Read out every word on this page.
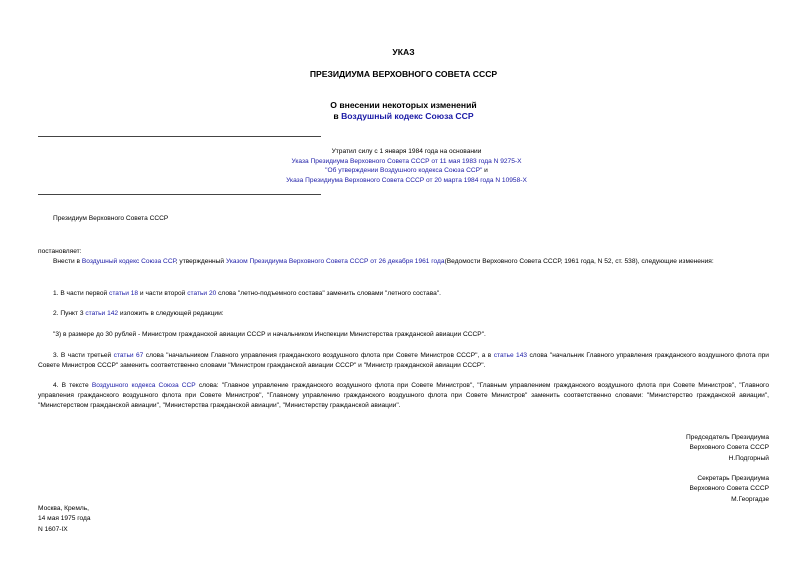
УКАЗ
ПРЕЗИДИУМА ВЕРХОВНОГО СОВЕТА СССР
О внесении некоторых изменений
в Воздушный кодекс Союза ССР
Утратил силу с 1 января 1984 года на основании
Указа Президиума Верховного Совета СССР от 11 мая 1983 года N 9275-X
"Об утверждении Воздушного кодекса Союза ССР" и
Указа Президиума Верховного Совета СССР от 20 марта 1984 года N 10958-X
Президиум Верховного Совета СССР
постановляет:
Внести в Воздушный кодекс Союза ССР, утвержденный Указом Президиума Верховного Совета СССР от 26 декабря 1961 года(Ведомости Верховного Совета СССР, 1961 года, N 52, ст. 538), следующие изменения:
1. В части первой статьи 18 и части второй статьи 20 слова "летно-подъемного состава" заменить словами "летного состава".
2. Пункт 3 статьи 142 изложить в следующей редакции:
"3) в размере до 30 рублей - Министром гражданской авиации СССР и начальником Инспекции Министерства гражданской авиации СССР".
3. В части третьей статьи 67 слова "начальником Главного управления гражданского воздушного флота при Совете Министров СССР", а в статье 143 слова "начальник Главного управления гражданского воздушного флота при Совете Министров СССР" заменить соответственно словами "Министром гражданской авиации СССР" и "Министр гражданской авиации СССР".
4. В тексте Воздушного кодекса Союза ССР слова: "Главное управление гражданского воздушного флота при Совете Министров", "Главным управлением гражданского воздушного флота при Совете Министров", "Главного управления гражданского воздушного флота при Совете Министров", "Главному управлению гражданского воздушного флота при Совете Министров" заменить соответственно словами: "Министерство гражданской авиации", "Министерством гражданской авиации", "Министерства гражданской авиации", "Министерству гражданской авиации".
Председатель Президиума
Верховного Совета СССР
Н.Подгорный
Секретарь Президиума
Верховного Совета СССР
М.Георгадзе
Москва, Кремль,
14 мая 1975 года
N 1607-IX
